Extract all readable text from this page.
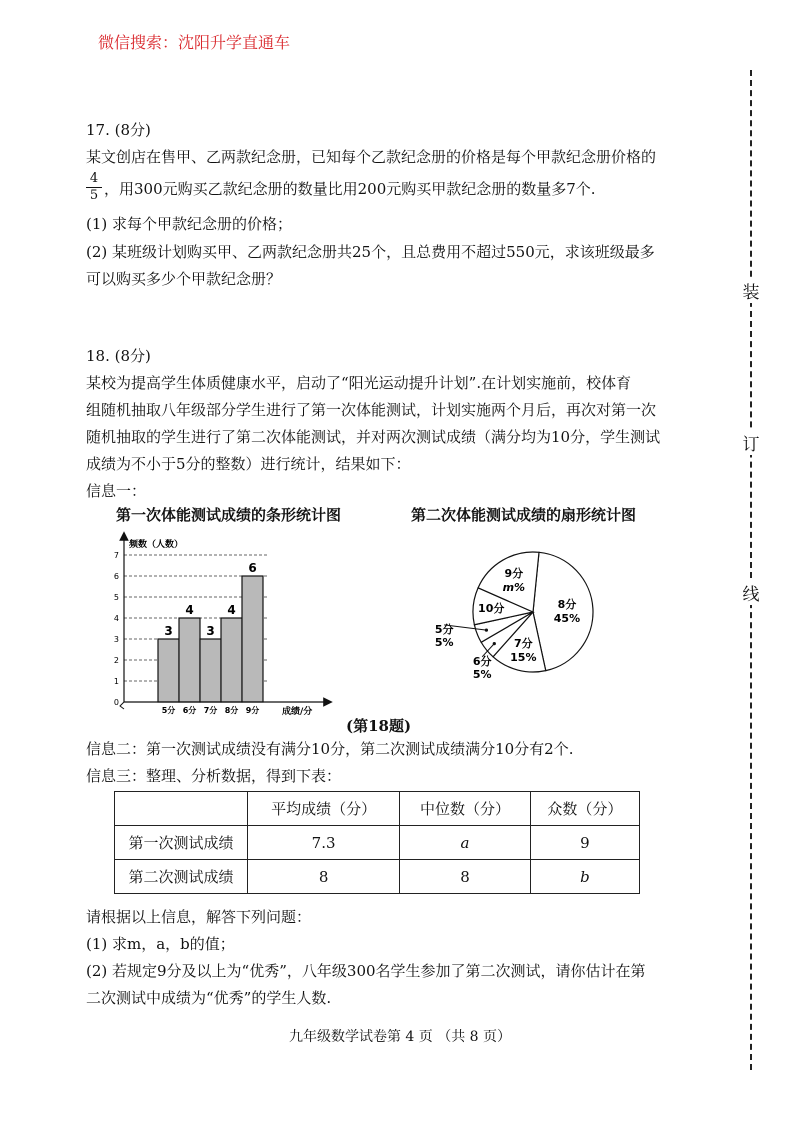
微信搜索：沈阳升学直通车
装
订
线
17. (8分)
某文创店在售甲、乙两款纪念册，已知每个乙款纪念册的价格是每个甲款纪念册价格的
4
5 ，用300元购买乙款纪念册的数量比用200元购买甲款纪念册的数量多7个.
(1) 求每个甲款纪念册的价格；
(2) 某班级计划购买甲、乙两款纪念册共25个，且总费用不超过550元，求该班级最多
可以购买多少个甲款纪念册？
18. (8分)
某校为提高学生体质健康水平，启动了“阳光运动提升计划”.在计划实施前，校体育
组随机抽取八年级部分学生进行了第一次体能测试，计划实施两个月后，再次对第一次
随机抽取的学生进行了第二次体能测试，并对两次测试成绩（满分均为10分，学生测试
成绩为不小于5分的整数）进行统计，结果如下：
信息一：
第一次体能测试成绩的条形统计图	第二次体能测试成绩的扇形统计图
0
1
2
3
4
5
6
7
3
5分
4
6分
3
7分
4
8分
6
9分
频数（人数）
成绩/分
8分
45%
7分
15%
6分
5%
5分
5%
10分
9分
m%
(第18题)
信息二：第一次测试成绩没有满分10分，第二次测试成绩满分10分有2个.
信息三：整理、分析数据，得到下表：
	平均成绩（分）	中位数（分）	众数（分）
第一次测试成绩	7.3	a	9
第二次测试成绩	8	8	b
请根据以上信息，解答下列问题：
(1) 求m，a，b的值；
(2) 若规定9分及以上为“优秀”，八年级300名学生参加了第二次测试，请你估计在第
二次测试中成绩为“优秀”的学生人数.
九年级数学试卷第 4 页 （共 8 页）
